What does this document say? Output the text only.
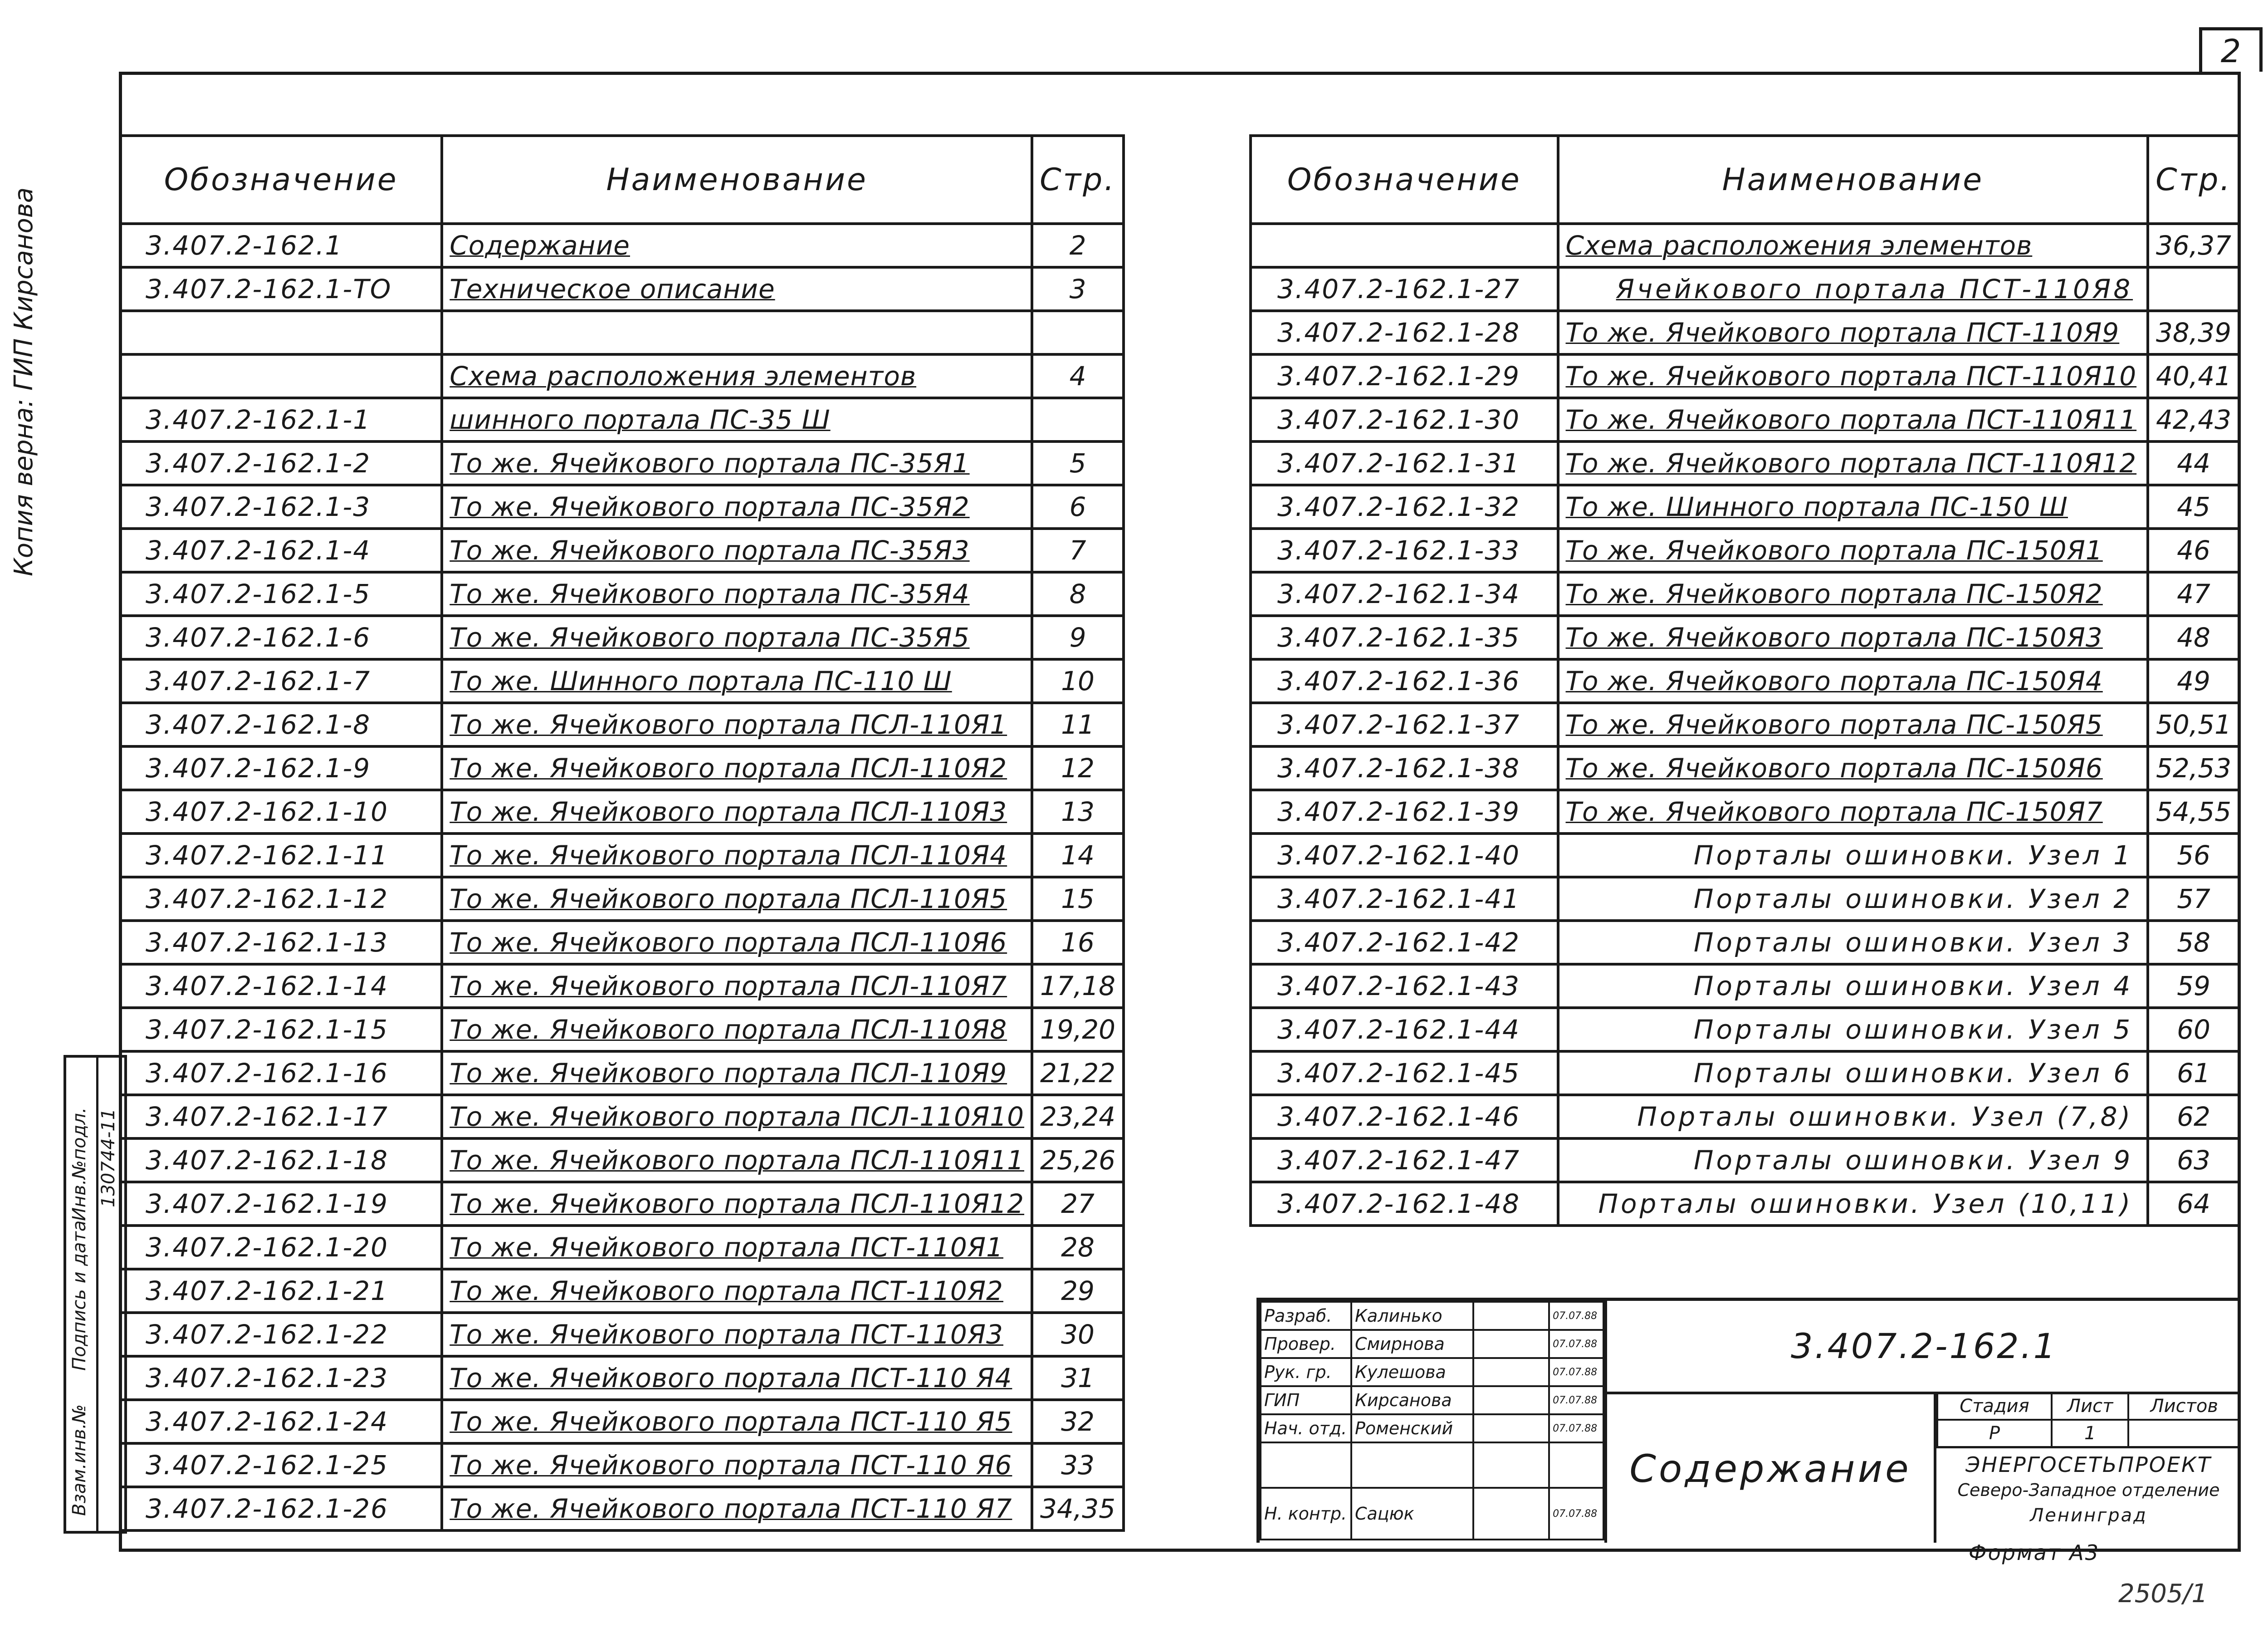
2
Копия верна: ГИП Кирсанова
Инв.№подл. 130744-11
Подпись и дата
Взам.инв.№
Обозначение	Наименование	Стр.
3.407.2-162.1	Содержание	2
3.407.2-162.1-ТО	Техническое описание	3

	Схема расположения элементов	4
3.407.2-162.1-1	шинного портала ПС-35 Ш	
3.407.2-162.1-2	То же. Ячейкового портала ПС-35Я1	5
3.407.2-162.1-3	То же. Ячейкового портала ПС-35Я2	6
3.407.2-162.1-4	То же. Ячейкового портала ПС-35Я3	7
3.407.2-162.1-5	То же. Ячейкового портала ПС-35Я4	8
3.407.2-162.1-6	То же. Ячейкового портала ПС-35Я5	9
3.407.2-162.1-7	То же. Шинного портала ПС-110 Ш	10
3.407.2-162.1-8	То же. Ячейкового портала ПСЛ-110Я1	11
3.407.2-162.1-9	То же. Ячейкового портала ПСЛ-110Я2	12
3.407.2-162.1-10	То же. Ячейкового портала ПСЛ-110Я3	13
3.407.2-162.1-11	То же. Ячейкового портала ПСЛ-110Я4	14
3.407.2-162.1-12	То же. Ячейкового портала ПСЛ-110Я5	15
3.407.2-162.1-13	То же. Ячейкового портала ПСЛ-110Я6	16
3.407.2-162.1-14	То же. Ячейкового портала ПСЛ-110Я7	17,18
3.407.2-162.1-15	То же. Ячейкового портала ПСЛ-110Я8	19,20
3.407.2-162.1-16	То же. Ячейкового портала ПСЛ-110Я9	21,22
3.407.2-162.1-17	То же. Ячейкового портала ПСЛ-110Я10	23,24
3.407.2-162.1-18	То же. Ячейкового портала ПСЛ-110Я11	25,26
3.407.2-162.1-19	То же. Ячейкового портала ПСЛ-110Я12	27
3.407.2-162.1-20	То же. Ячейкового портала ПСТ-110Я1	28
3.407.2-162.1-21	То же. Ячейкового портала ПСТ-110Я2	29
3.407.2-162.1-22	То же. Ячейкового портала ПСТ-110Я3	30
3.407.2-162.1-23	То же. Ячейкового портала ПСТ-110 Я4	31
3.407.2-162.1-24	То же. Ячейкового портала ПСТ-110 Я5	32
3.407.2-162.1-25	То же. Ячейкового портала ПСТ-110 Я6	33
3.407.2-162.1-26	То же. Ячейкового портала ПСТ-110 Я7	34,35
Обозначение	Наименование	Стр.
	Схема расположения элементов	36,37
3.407.2-162.1-27	Ячейкового портала ПСТ-110Я8	
3.407.2-162.1-28	То же. Ячейкового портала ПСТ-110Я9	38,39
3.407.2-162.1-29	То же. Ячейкового портала ПСТ-110Я10	40,41
3.407.2-162.1-30	То же. Ячейкового портала ПСТ-110Я11	42,43
3.407.2-162.1-31	То же. Ячейкового портала ПСТ-110Я12	44
3.407.2-162.1-32	То же. Шинного портала ПС-150 Ш	45
3.407.2-162.1-33	То же. Ячейкового портала ПС-150Я1	46
3.407.2-162.1-34	То же. Ячейкового портала ПС-150Я2	47
3.407.2-162.1-35	То же. Ячейкового портала ПС-150Я3	48
3.407.2-162.1-36	То же. Ячейкового портала ПС-150Я4	49
3.407.2-162.1-37	То же. Ячейкового портала ПС-150Я5	50,51
3.407.2-162.1-38	То же. Ячейкового портала ПС-150Я6	52,53
3.407.2-162.1-39	То же. Ячейкового портала ПС-150Я7	54,55
3.407.2-162.1-40	Порталы ошиновки. Узел 1	56
3.407.2-162.1-41	Порталы ошиновки. Узел 2	57
3.407.2-162.1-42	Порталы ошиновки. Узел 3	58
3.407.2-162.1-43	Порталы ошиновки. Узел 4	59
3.407.2-162.1-44	Порталы ошиновки. Узел 5	60
3.407.2-162.1-45	Порталы ошиновки. Узел 6	61
3.407.2-162.1-46	Порталы ошиновки. Узел (7,8)	62
3.407.2-162.1-47	Порталы ошиновки. Узел 9	63
3.407.2-162.1-48	Порталы ошиновки. Узел (10,11)	64
Разраб.	Калинько		07.07.88
Провер.	Смирнова		07.07.88
Рук. гр.	Кулешова		07.07.88
ГИП	Кирсанова		07.07.88
Нач. отд.	Роменский		07.07.88

Н. контр.	Сацюк		07.07.88
3.407.2-162.1
Содержание
Стадия	Лист	Листов
Р	1	
ЭНЕРГОСЕТЬПРОЕКТ
Северо-Западное отделение
Ленинград
Формат А3
2505/1
